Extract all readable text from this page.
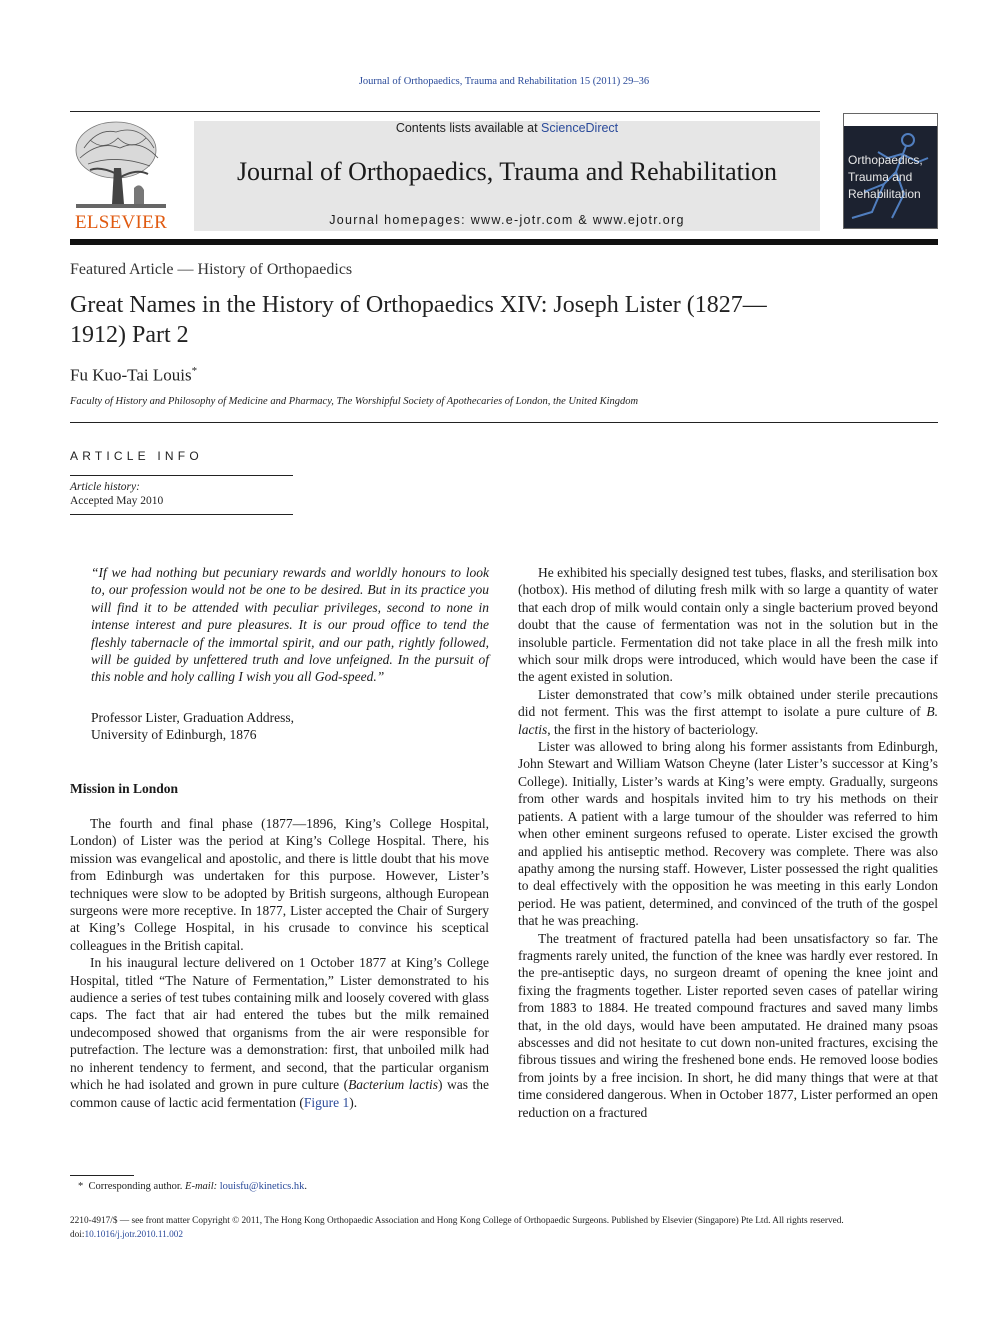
Journal of Orthopaedics, Trauma and Rehabilitation 15 (2011) 29–36
ELSEVIER
Contents lists available at ScienceDirect
Journal of Orthopaedics, Trauma and Rehabilitation
Journal homepages: www.e-jotr.com & www.ejotr.org
Orthopaedics, Trauma and Rehabilitation
Featured Article — History of Orthopaedics
Great Names in the History of Orthopaedics XIV: Joseph Lister (1827—1912) Part 2
Fu Kuo-Tai Louis*
Faculty of History and Philosophy of Medicine and Pharmacy, The Worshipful Society of Apothecaries of London, the United Kingdom
ARTICLE INFO
Article history:
Accepted May 2010
“If we had nothing but pecuniary rewards and worldly honours to look to, our profession would not be one to be desired. But in its practice you will find it to be attended with peculiar privileges, second to none in intense interest and pure pleasures. It is our proud office to tend the fleshly tabernacle of the immortal spirit, and our path, rightly followed, will be guided by unfettered truth and love unfeigned. In the pursuit of this noble and holy calling I wish you all God-speed.”
Professor Lister, Graduation Address,
University of Edinburgh, 1876
Mission in London

The fourth and final phase (1877—1896, King’s College Hospital, London) of Lister was the period at King’s College Hospital. There, his mission was evangelical and apostolic, and there is little doubt that his move from Edinburgh was undertaken for this purpose. However, Lister’s techniques were slow to be adopted by British surgeons, although European surgeons were more receptive. In 1877, Lister accepted the Chair of Surgery at King’s College Hospital, in his crusade to convince his sceptical colleagues in the British capital.

In his inaugural lecture delivered on 1 October 1877 at King’s College Hospital, titled “The Nature of Fermentation,” Lister demonstrated to his audience a series of test tubes containing milk and loosely covered with glass caps. The fact that air had entered the tubes but the milk remained undecomposed showed that organisms from the air were responsible for putrefaction. The lecture was a demonstration: first, that unboiled milk had no inherent tendency to ferment, and second, that the particular organism which he had isolated and grown in pure culture (Bacterium lactis) was the common cause of lactic acid fermentation (Figure 1).

He exhibited his specially designed test tubes, flasks, and sterilisation box (hotbox). His method of diluting fresh milk with so large a quantity of water that each drop of milk would contain only a single bacterium proved beyond doubt that the cause of fermentation was not in the solution but in the insoluble particle. Fermentation did not take place in all the fresh milk into which sour milk drops were introduced, which would have been the case if the agent existed in solution.

Lister demonstrated that cow’s milk obtained under sterile precautions did not ferment. This was the first attempt to isolate a pure culture of B. lactis, the first in the history of bacteriology.

Lister was allowed to bring along his former assistants from Edinburgh, John Stewart and William Watson Cheyne (later Lister’s successor at King’s College). Initially, Lister’s wards at King’s were empty. Gradually, surgeons from other wards and hospitals invited him to try his methods on their patients. A patient with a large tumour of the shoulder was referred to him when other eminent surgeons refused to operate. Lister excised the growth and applied his antiseptic method. Recovery was complete. There was also apathy among the nursing staff. However, Lister possessed the right qualities to deal effectively with the opposition he was meeting in this early London period. He was patient, determined, and convinced of the truth of the gospel that he was preaching.

The treatment of fractured patella had been unsatisfactory so far. The fragments rarely united, the function of the knee was hardly ever restored. In the pre-antiseptic days, no surgeon dreamt of opening the knee joint and fixing the fragments together. Lister reported seven cases of patellar wiring from 1883 to 1884. He treated compound fractures and saved many limbs that, in the old days, would have been amputated. He drained many psoas abscesses and did not hesitate to cut down non-united fractures, excising the fibrous tissues and wiring the freshened bone ends. He removed loose bodies from joints by a free incision. In short, he did many things that were at that time considered dangerous. When in October 1877, Lister performed an open reduction on a fractured

* Corresponding author. E-mail: louisfu@kinetics.hk.
2210-4917/$ — see front matter Copyright © 2011, The Hong Kong Orthopaedic Association and Hong Kong College of Orthopaedic Surgeons. Published by Elsevier (Singapore) Pte Ltd. All rights reserved.
doi:10.1016/j.jotr.2010.11.002
